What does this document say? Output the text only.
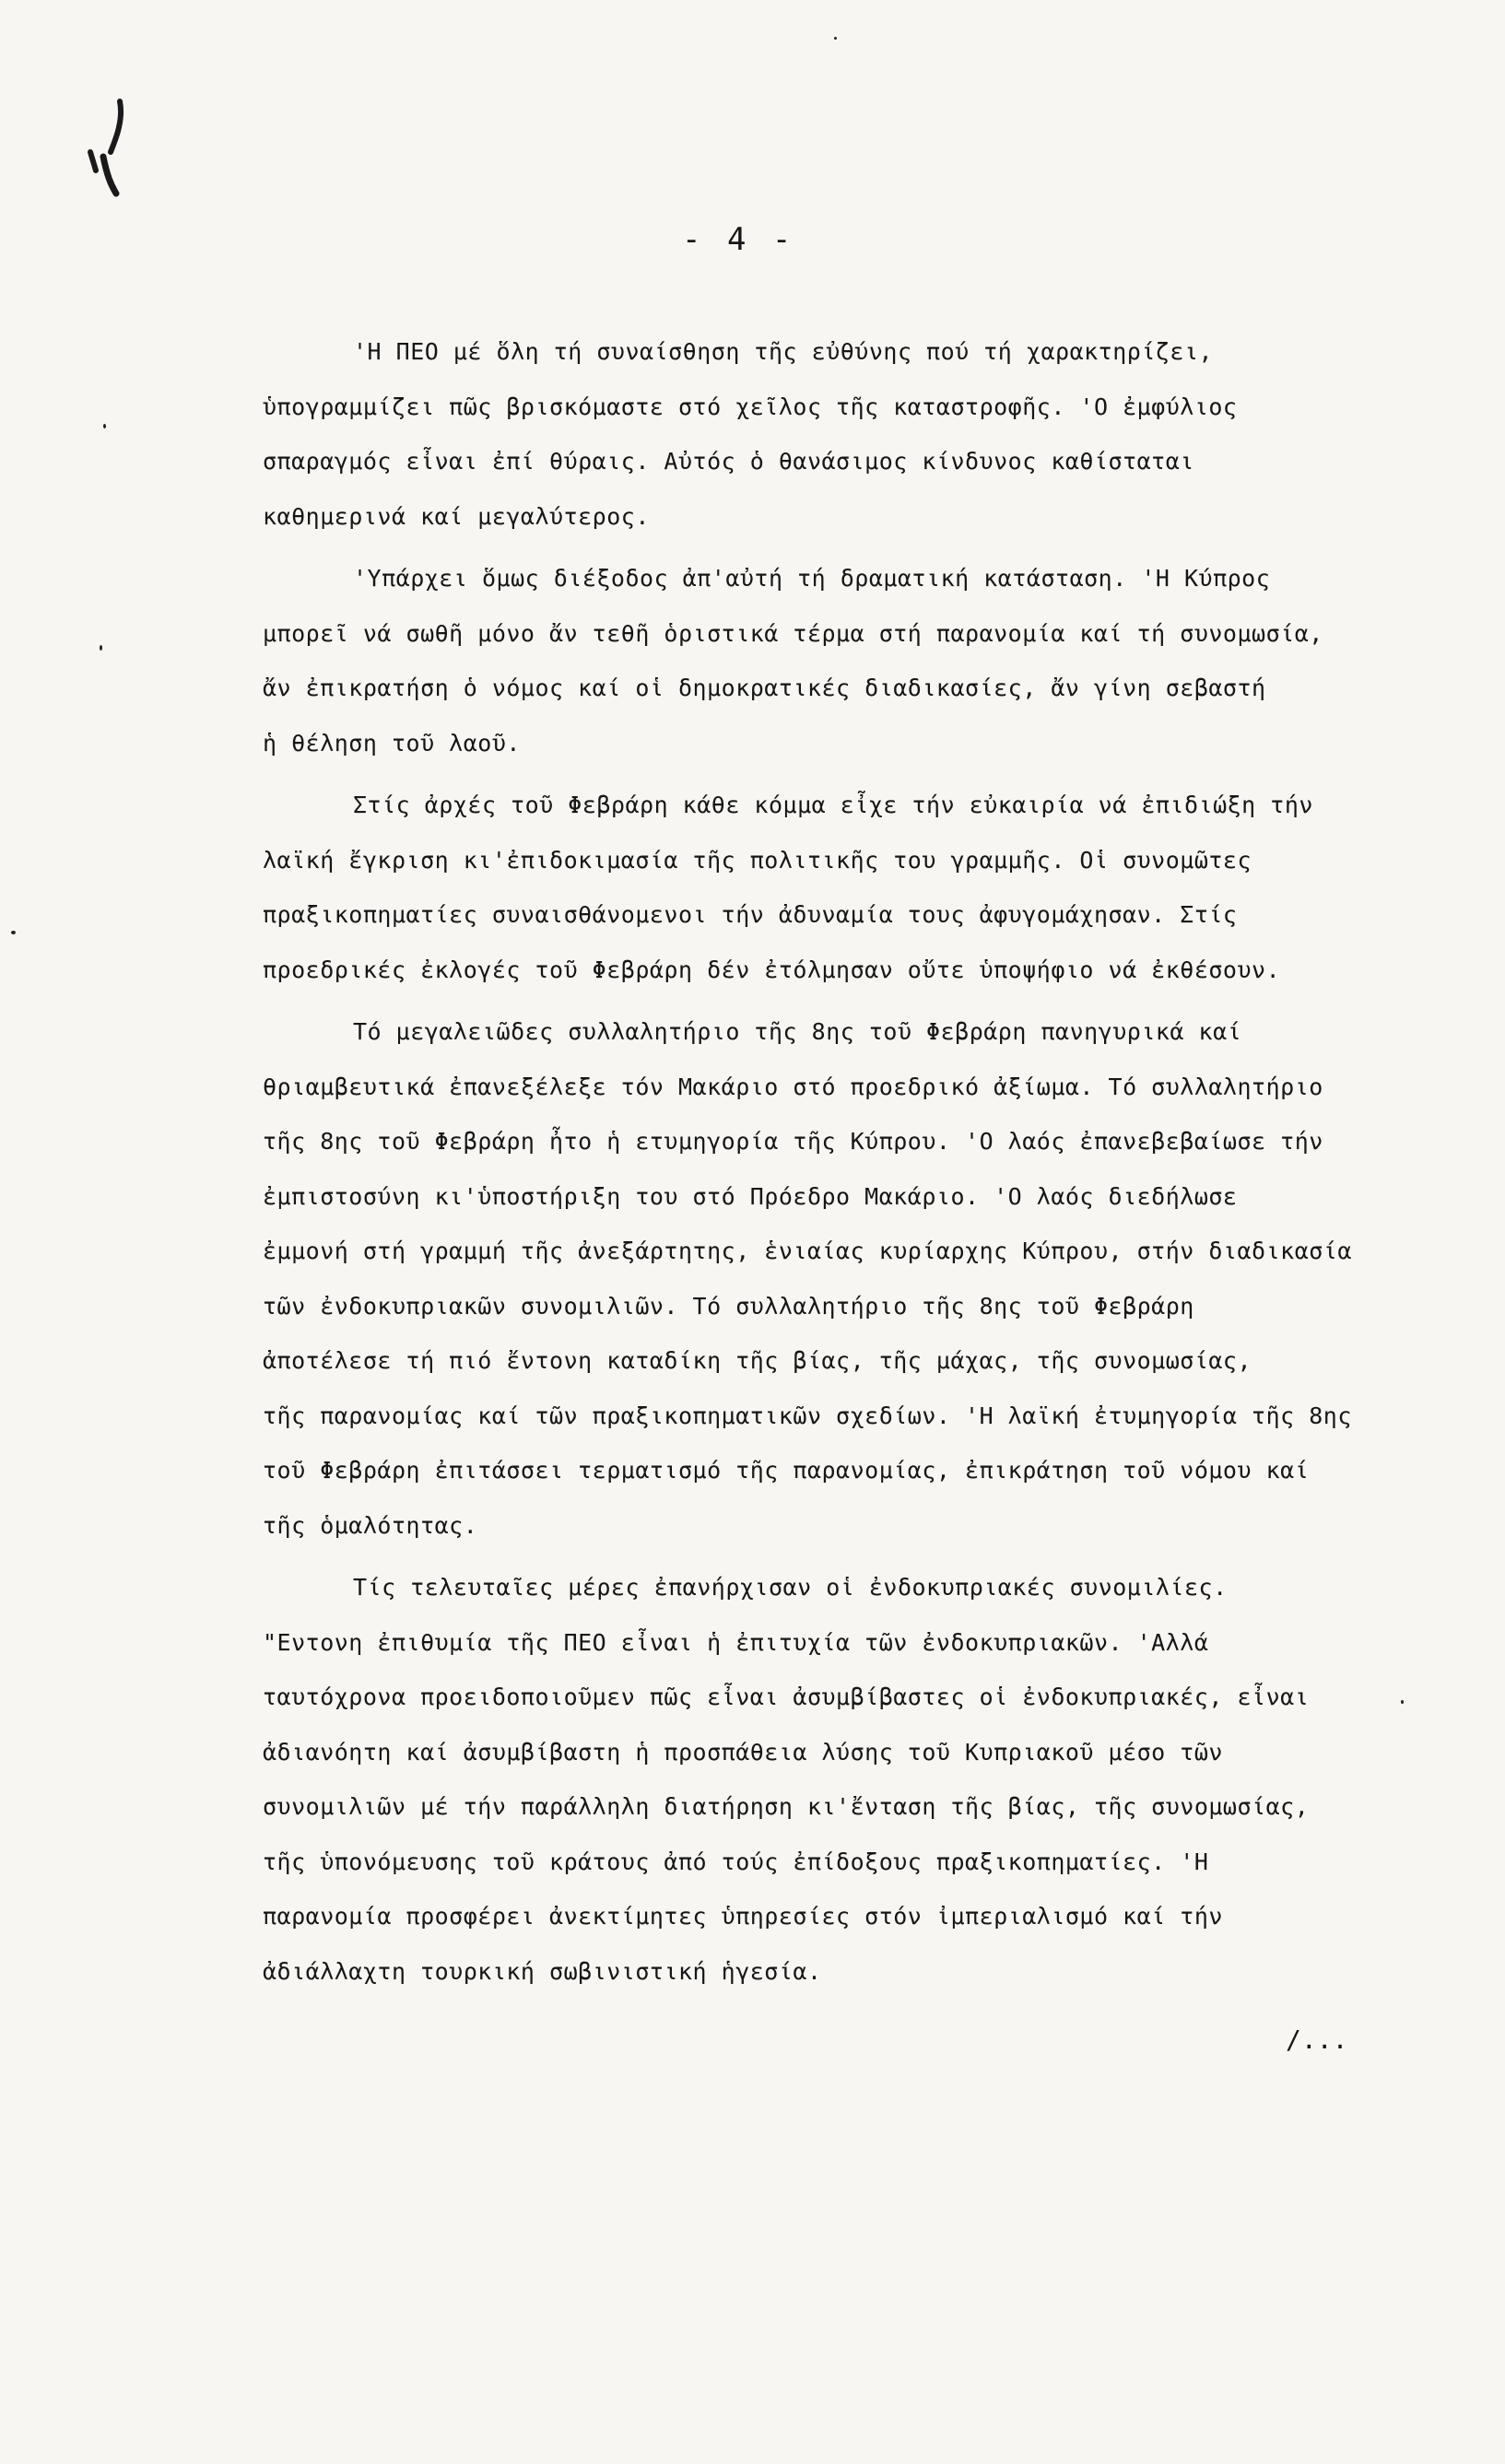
- 4 -
'Η ΠΕΟ μέ ὅλη τή συναίσθηση τῆς εὐθύνης πού τή χαρακτηρίζει,
ὑπογραμμίζει πῶς βρισκόμαστε στό χεῖλος τῆς καταστροφῆς. 'Ο ἐμφύλιος
σπαραγμός εἶναι ἐπί θύραις. Αὐτός ὁ θανάσιμος κίνδυνος καθίσταται
καθημερινά καί μεγαλύτερος.
'Υπάρχει ὅμως διέξοδος ἀπ'αὐτή τή δραματική κατάσταση. 'Η Κύπρος
μπορεῖ νά σωθῆ μόνο ἄν τεθῆ ὁριστικά τέρμα στή παρανομία καί τή συνομωσία,
ἄν ἐπικρατήση ὁ νόμος καί οἱ δημοκρατικές διαδικασίες, ἄν γίνη σεβαστή
ἡ θέληση τοῦ λαοῦ.
Στίς ἀρχές τοῦ Φεβράρη κάθε κόμμα εἶχε τήν εὐκαιρία νά ἐπιδιώξη τήν
λαϊκή ἔγκριση κι'ἐπιδοκιμασία τῆς πολιτικῆς του γραμμῆς. Οἱ συνομῶτες
πραξικοπηματίες συναισθάνομενοι τήν ἀδυναμία τους ἀφυγομάχησαν. Στίς
προεδρικές ἐκλογές τοῦ Φεβράρη δέν ἐτόλμησαν οὔτε ὑποψήφιο νά ἐκθέσουν.
Τό μεγαλειῶδες συλλαλητήριο τῆς 8ης τοῦ Φεβράρη πανηγυρικά καί
θριαμβευτικά ἐπανεξέλεξε τόν Μακάριο στό προεδρικό ἀξίωμα. Τό συλλαλητήριο
τῆς 8ης τοῦ Φεβράρη ἦτο ἡ ετυμηγορία τῆς Κύπρου. 'Ο λαός ἐπανεβεβαίωσε τήν
ἐμπιστοσύνη κι'ὑποστήριξη του στό Πρόεδρο Μακάριο. 'Ο λαός διεδήλωσε
ἐμμονή στή γραμμή τῆς ἀνεξάρτητης, ἑνιαίας κυρίαρχης Κύπρου, στήν διαδικασία
τῶν ἐνδοκυπριακῶν συνομιλιῶν. Τό συλλαλητήριο τῆς 8ης τοῦ Φεβράρη
ἀποτέλεσε τή πιό ἔντονη καταδίκη τῆς βίας, τῆς μάχας, τῆς συνομωσίας,
τῆς παρανομίας καί τῶν πραξικοπηματικῶν σχεδίων. 'Η λαϊκή ἐτυμηγορία τῆς 8ης
τοῦ Φεβράρη ἐπιτάσσει τερματισμό τῆς παρανομίας, ἐπικράτηση τοῦ νόμου καί
τῆς ὁμαλότητας.
Τίς τελευταῖες μέρες ἐπανήρχισαν οἱ ἐνδοκυπριακές συνομιλίες.
"Εντονη ἐπιθυμία τῆς ΠΕΟ εἶναι ἡ ἐπιτυχία τῶν ἐνδοκυπριακῶν. 'Αλλά
ταυτόχρονα προειδοποιοῦμεν πῶς εἶναι ἀσυμβίβαστες οἱ ἐνδοκυπριακές, εἶναι
ἀδιανόητη καί ἀσυμβίβαστη ἡ προσπάθεια λύσης τοῦ Κυπριακοῦ μέσο τῶν
συνομιλιῶν μέ τήν παράλληλη διατήρηση κι'ἔνταση τῆς βίας, τῆς συνομωσίας,
τῆς ὑπονόμευσης τοῦ κράτους ἀπό τούς ἐπίδοξους πραξικοπηματίες. 'Η
παρανομία προσφέρει ἀνεκτίμητες ὑπηρεσίες στόν ἰμπεριαλισμό καί τήν
ἀδιάλλαχτη τουρκική σωβινιστική ἡγεσία.
/...
